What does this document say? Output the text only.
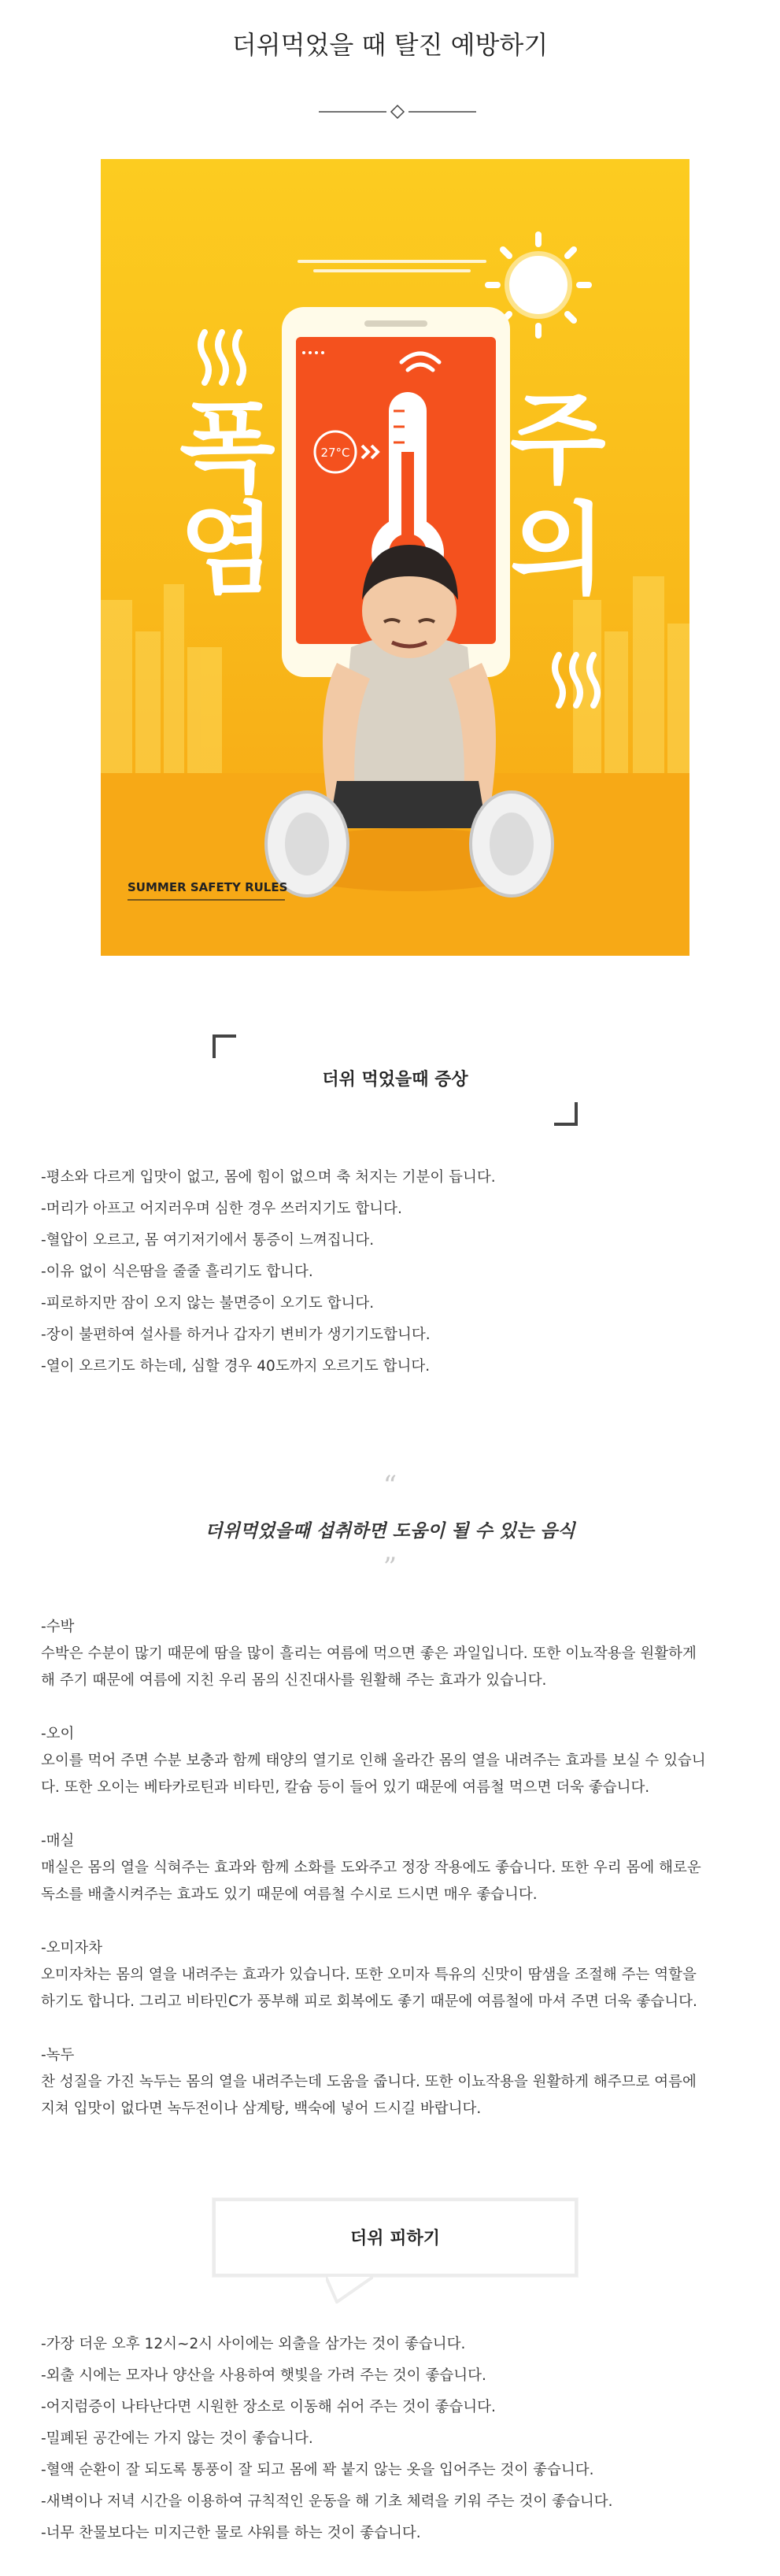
더위먹었을 때 탈진 예방하기
27°C
폭
염
주
의
SUMMER SAFETY RULES
더위 먹었을때 증상
-평소와 다르게 입맛이 없고, 몸에 힘이 없으며 축 처지는 기분이 듭니다.
-머리가 아프고 어지러우며 심한 경우 쓰러지기도 합니다.
-혈압이 오르고, 몸 여기저기에서 통증이 느껴집니다.
-이유 없이 식은땀을 줄줄 흘리기도 합니다.
-피로하지만 잠이 오지 않는 불면증이 오기도 합니다.
-장이 불편하여 설사를 하거나 갑자기 변비가 생기기도합니다.
-열이 오르기도 하는데, 심할 경우 40도까지 오르기도 합니다.
“
더위먹었을때 섭취하면 도움이 될 수 있는 음식
”
-수박
수박은 수분이 많기 때문에 땀을 많이 흘리는 여름에 먹으면 좋은 과일입니다. 또한 이뇨작용을 원활하게
해 주기 때문에 여름에 지친 우리 몸의 신진대사를 원활해 주는 효과가 있습니다.
-오이
오이를 먹어 주면 수분 보충과 함께 태양의 열기로 인해 올라간 몸의 열을 내려주는 효과를 보실 수 있습니
다. 또한 오이는 베타카로틴과 비타민, 칼슘 등이 들어 있기 때문에 여름철 먹으면 더욱 좋습니다.
-매실
매실은 몸의 열을 식혀주는 효과와 함께 소화를 도와주고 정장 작용에도 좋습니다. 또한 우리 몸에 해로운
독소를 배출시켜주는 효과도 있기 때문에 여름철 수시로 드시면 매우 좋습니다.
-오미자차
오미자차는 몸의 열을 내려주는 효과가 있습니다. 또한 오미자 특유의 신맛이 땀샘을 조절해 주는 역할을
하기도 합니다. 그리고 비타민C가 풍부해 피로 회복에도 좋기 때문에 여름철에 마셔 주면 더욱 좋습니다.
-녹두
찬 성질을 가진 녹두는 몸의 열을 내려주는데 도움을 줍니다. 또한 이뇨작용을 원활하게 해주므로 여름에
지쳐 입맛이 없다면 녹두전이나 삼계탕, 백숙에 넣어 드시길 바랍니다.
더위 피하기
-가장 더운 오후 12시~2시 사이에는 외출을 삼가는 것이 좋습니다.
-외출 시에는 모자나 양산을 사용하여 햇빛을 가려 주는 것이 좋습니다.
-어지럼증이 나타난다면 시원한 장소로 이동해 쉬어 주는 것이 좋습니다.
-밀폐된 공간에는 가지 않는 것이 좋습니다.
-혈액 순환이 잘 되도록 통풍이 잘 되고 몸에 꽉 붙지 않는 옷을 입어주는 것이 좋습니다.
-새벽이나 저녁 시간을 이용하여 규칙적인 운동을 해 기초 체력을 키워 주는 것이 좋습니다.
-너무 찬물보다는 미지근한 물로 샤워를 하는 것이 좋습니다.
